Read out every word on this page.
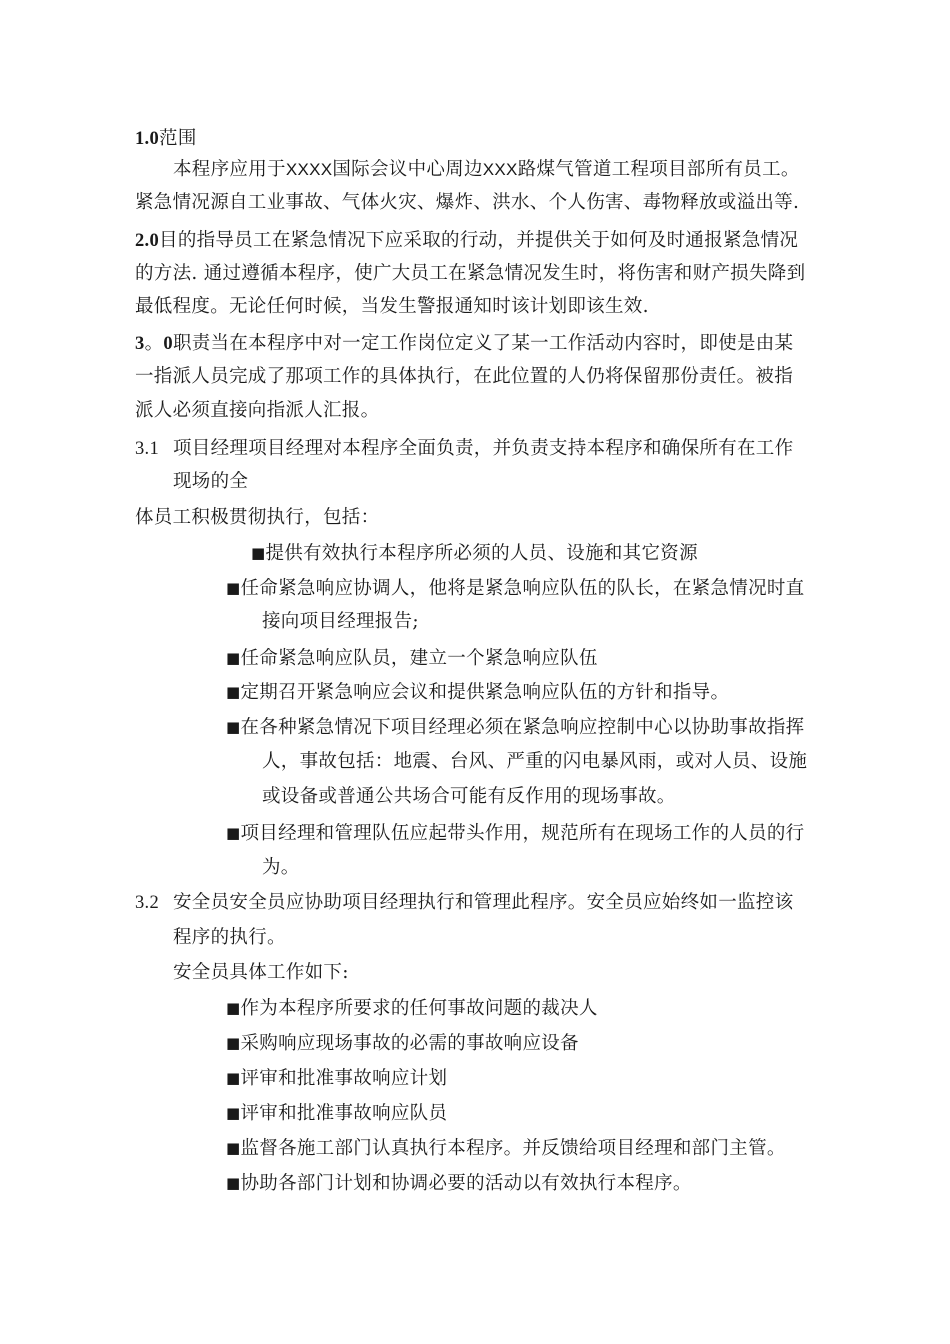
1.0范围
本程序应用于XXXX国际会议中心周边XXX路煤气管道工程项目部所有员工。
紧急情况源自工业事故、气体火灾、爆炸、洪水、个人伤害、毒物释放或溢出等.
2.0目的指导员工在紧急情况下应采取的行动，并提供关于如何及时通报紧急情况
的方法. 通过遵循本程序，使广大员工在紧急情况发生时，将伤害和财产损失降到
最低程度。无论任何时候，当发生警报通知时该计划即该生效.
3。0职责当在本程序中对一定工作岗位定义了某一工作活动内容时，即使是由某
一指派人员完成了那项工作的具体执行，在此位置的人仍将保留那份责任。被指
派人必须直接向指派人汇报。
3.1 项目经理项目经理对本程序全面负责，并负责支持本程序和确保所有在工作
现场的全
体员工积极贯彻执行，包括：
■提供有效执行本程序所必须的人员、设施和其它资源
■任命紧急响应协调人，他将是紧急响应队伍的队长，在紧急情况时直
接向项目经理报告;
■任命紧急响应队员，建立一个紧急响应队伍
■定期召开紧急响应会议和提供紧急响应队伍的方针和指导。
■在各种紧急情况下项目经理必须在紧急响应控制中心以协助事故指挥
人，事故包括：地震、台风、严重的闪电暴风雨，或对人员、设施
或设备或普通公共场合可能有反作用的现场事故。
■项目经理和管理队伍应起带头作用，规范所有在现场工作的人员的行
为。
3.2 安全员安全员应协助项目经理执行和管理此程序。安全员应始终如一监控该
程序的执行。
安全员具体工作如下:
■作为本程序所要求的任何事故问题的裁决人
■采购响应现场事故的必需的事故响应设备
■评审和批准事故响应计划
■评审和批准事故响应队员
■监督各施工部门认真执行本程序。并反馈给项目经理和部门主管。
■协助各部门计划和协调必要的活动以有效执行本程序。
